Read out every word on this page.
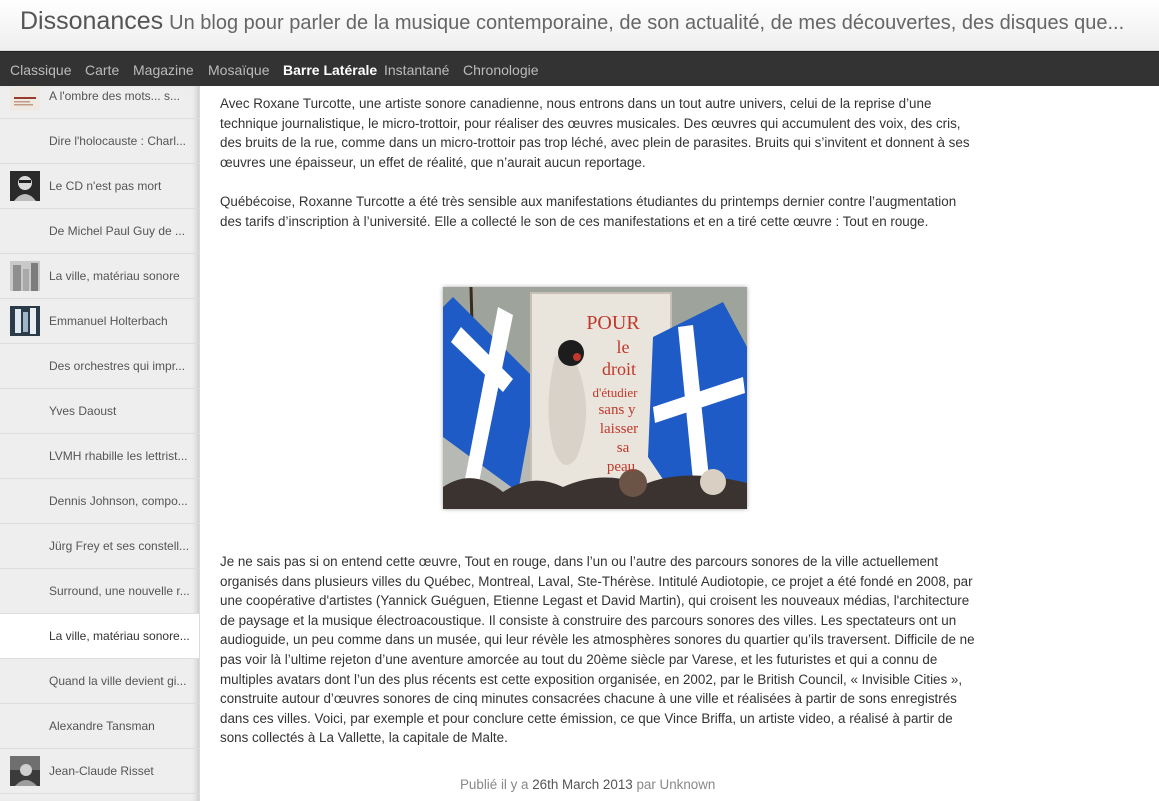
Dissonances Un blog pour parler de la musique contemporaine, de son actualité, de mes découvertes, des disques que...
Classique Carte Magazine Mosaïque Barre Latérale Instantané Chronologie
A l'ombre des mots... s...
Dire l'holocauste : Charl...
Le CD n'est pas mort
De Michel Paul Guy de ...
La ville, matériau sonore
Emmanuel Holterbach
Des orchestres qui impr...
Yves Daoust
LVMH rhabille les lettrist...
Dennis Johnson, compo...
Jürg Frey et ses constell...
Surround, une nouvelle r...
La ville, matériau sonore...
Quand la ville devient gi...
Alexandre Tansman
Jean-Claude Risset

Avec Roxane Turcotte, une artiste sonore canadienne, nous entrons dans un tout autre univers, celui de la reprise d’une technique journalistique, le micro-trottoir, pour réaliser des œuvres musicales. Des œuvres qui accumulent des voix, des cris, des bruits de la rue, comme dans un micro-trottoir pas trop léché, avec plein de parasites. Bruits qui s’invitent et donnent à ses œuvres une épaisseur, un effet de réalité, que n’aurait aucun reportage.

Québécoise, Roxanne Turcotte a été très sensible aux manifestations étudiantes du printemps dernier contre l’augmentation des tarifs d’inscription à l’université. Elle a collecté le son de ces manifestations et en a tiré cette œuvre : Tout en rouge.

Je ne sais pas si on entend cette œuvre, Tout en rouge, dans l’un ou l’autre des parcours sonores de la ville actuellement organisés dans plusieurs villes du Québec, Montreal, Laval, Ste-Thérèse. Intitulé Audiotopie, ce projet a été fondé en 2008, par une coopérative d'artistes (Yannick Guéguen, Etienne Legast et David Martin), qui croisent les nouveaux médias, l'architecture de paysage et la musique électroacoustique. Il consiste à construire des parcours sonores des villes. Les spectateurs ont un audioguide, un peu comme dans un musée, qui leur révèle les atmosphères sonores du quartier qu’ils traversent. Difficile de ne pas voir là l’ultime rejeton d’une aventure amorcée au tout du 20ème siècle par Varese, et les futuristes et qui a connu de multiples avatars dont l’un des plus récents est cette exposition organisée, en 2002, par le British Council, « Invisible Cities », construite autour d’œuvres sonores de cinq minutes consacrées chacune à une ville et réalisées à partir de sons enregistrés dans ces villes. Voici, par exemple et pour conclure cette émission, ce que Vince Briffa, un artiste video, a réalisé à partir de sons collectés à La Vallette, la capitale de Malte.

POUR
le
droit
d'étudier
sans y
laisser
sa
peau
Publié il y a 26th March 2013 par Unknown
